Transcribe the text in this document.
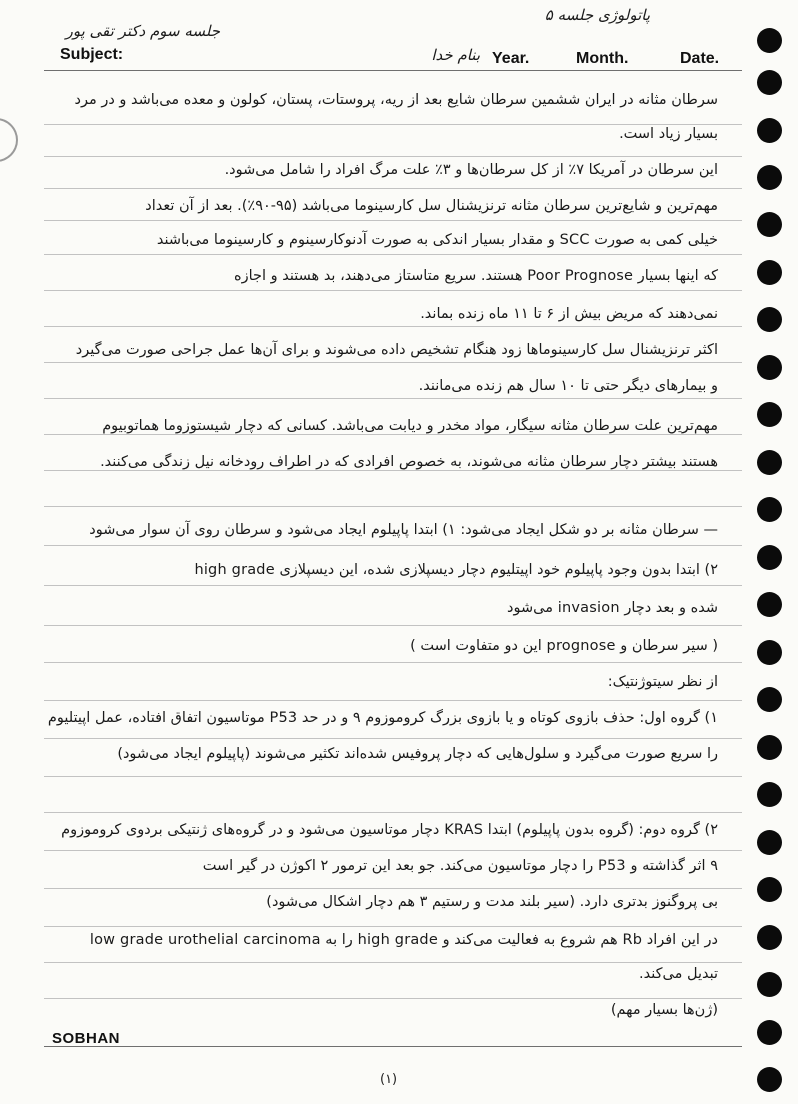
Subject:	Year.	Month.	Date.
پاتولوژی جلسه ۵
جلسه سوم دکتر تقی پور
بنام خدا
سرطان مثانه در ایران ششمین سرطان شایع بعد از ریه، پروستات، پستان، کولون و معده می‌باشد و در مرد
بسیار زیاد است.
این سرطان در آمریکا ۷٪ از کل سرطان‌ها و ۳٪ علت مرگ افراد را شامل می‌شود.
مهم‌ترین و شایع‌ترین سرطان مثانه ترنزیشنال سل کارسینوما می‌باشد (۹۵-۹۰٪). بعد از آن تعداد
خیلی کمی به صورت SCC و مقدار بسیار اندکی به صورت آدنوکارسینوم و کارسینوما می‌باشند
که اینها بسیار Poor Prognose هستند. سریع متاستاز می‌دهند، بد هستند و اجازه
نمی‌دهند که مریض بیش از ۶ تا ۱۱ ماه زنده بماند.
اکثر ترنزیشنال سل کارسینوماها زود هنگام تشخیص داده می‌شوند و برای آن‌ها عمل جراحی صورت می‌گیرد
و بیمار‌های دیگر حتی تا ۱۰ سال هم زنده می‌مانند.
مهم‌ترین علت سرطان مثانه سیگار، مواد مخدر و دیابت می‌باشد. کسانی که دچار شیستوزوما هماتوبیوم
هستند بیشتر دچار سرطان مثانه می‌شوند، به خصوص افرادی که در اطراف رودخانه نیل زندگی می‌کنند.
— سرطان مثانه بر دو شکل ایجاد می‌شود: ۱) ابتدا پاپیلوم ایجاد می‌شود و سرطان روی آن سوار می‌شود
۲) ابتدا بدون وجود پاپیلوم خود اپیتلیوم دچار دیسپلازی شده، این دیسپلازی high grade
شده و بعد دچار invasion می‌شود
( سیر سرطان و prognose این دو متفاوت است )
از نظر سیتوژنتیک:
۱) گروه اول: حذف بازوی کوتاه و یا بازوی بزرگ کروموزوم ۹ و در حد P53 موتاسیون اتفاق افتاده، عمل اپیتلیوم
را سریع صورت می‌گیرد و سلول‌هایی که دچار پروفیس شده‌اند تکثیر می‌شوند (پاپیلوم ایجاد می‌شود)
۲) گروه دوم: (گروه بدون پاپیلوم) ابتدا KRAS دچار موتاسیون می‌شود و در گروه‌های ژنتیکی بردوی کروموزوم
۹ اثر گذاشته و P53 را دچار موتاسیون می‌کند. جو بعد این ترمور ۲ اکوژن در گیر است
بی پروگنوز بدتری دارد. (سیر بلند مدت و رستیم ۳ هم دچار اشکال می‌شود)
در این افراد Rb هم شروع به فعالیت می‌کند و high grade را به low grade urothelial carcinoma
تبدیل می‌کند.
(ژن‌ها بسیار مهم)
SOBHAN
(۱)
